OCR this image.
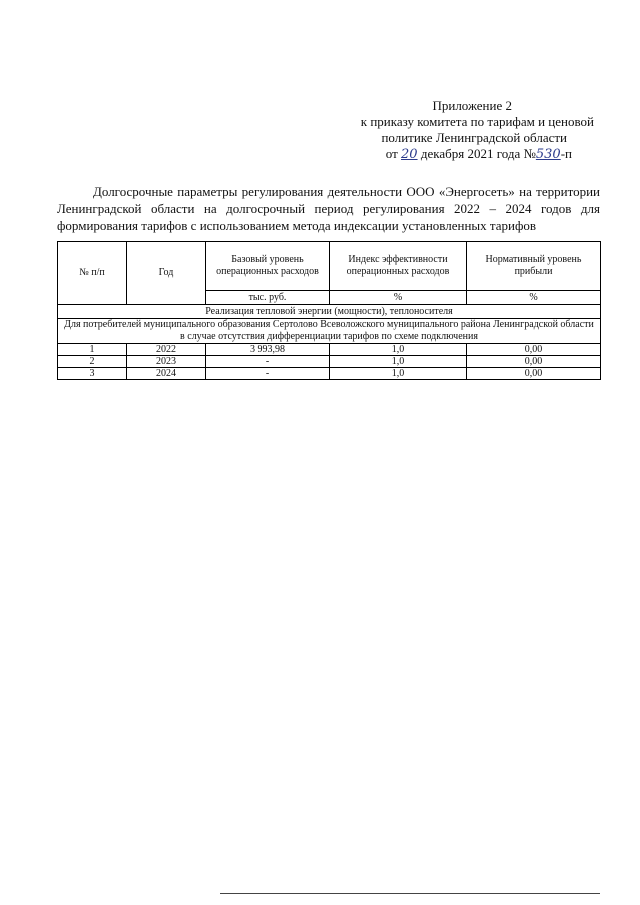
Приложение 2
к приказу комитета по тарифам и ценовой
политике Ленинградской области
от 20 декабря 2021 года №530-п
Долгосрочные параметры регулирования деятельности ООО «Энергосеть» на территории Ленинградской области на долгосрочный период регулирования 2022 – 2024 годов для формирования тарифов с использованием метода индексации установленных тарифов
№ п/п	Год	Базовый уровень операционных расходов	Индекс эффективности операционных расходов	Нормативный уровень прибыли
		тыс. руб.	%	%
Реализация тепловой энергии (мощности), теплоносителя				
Для потребителей муниципального образования Сертолово Всеволожского муниципального района Ленинградской области в случае отсутствия дифференциации тарифов по схеме подключения				
1	2022	3 993,98	1,0	0,00
2	2023	-	1,0	0,00
3	2024	-	1,0	0,00
